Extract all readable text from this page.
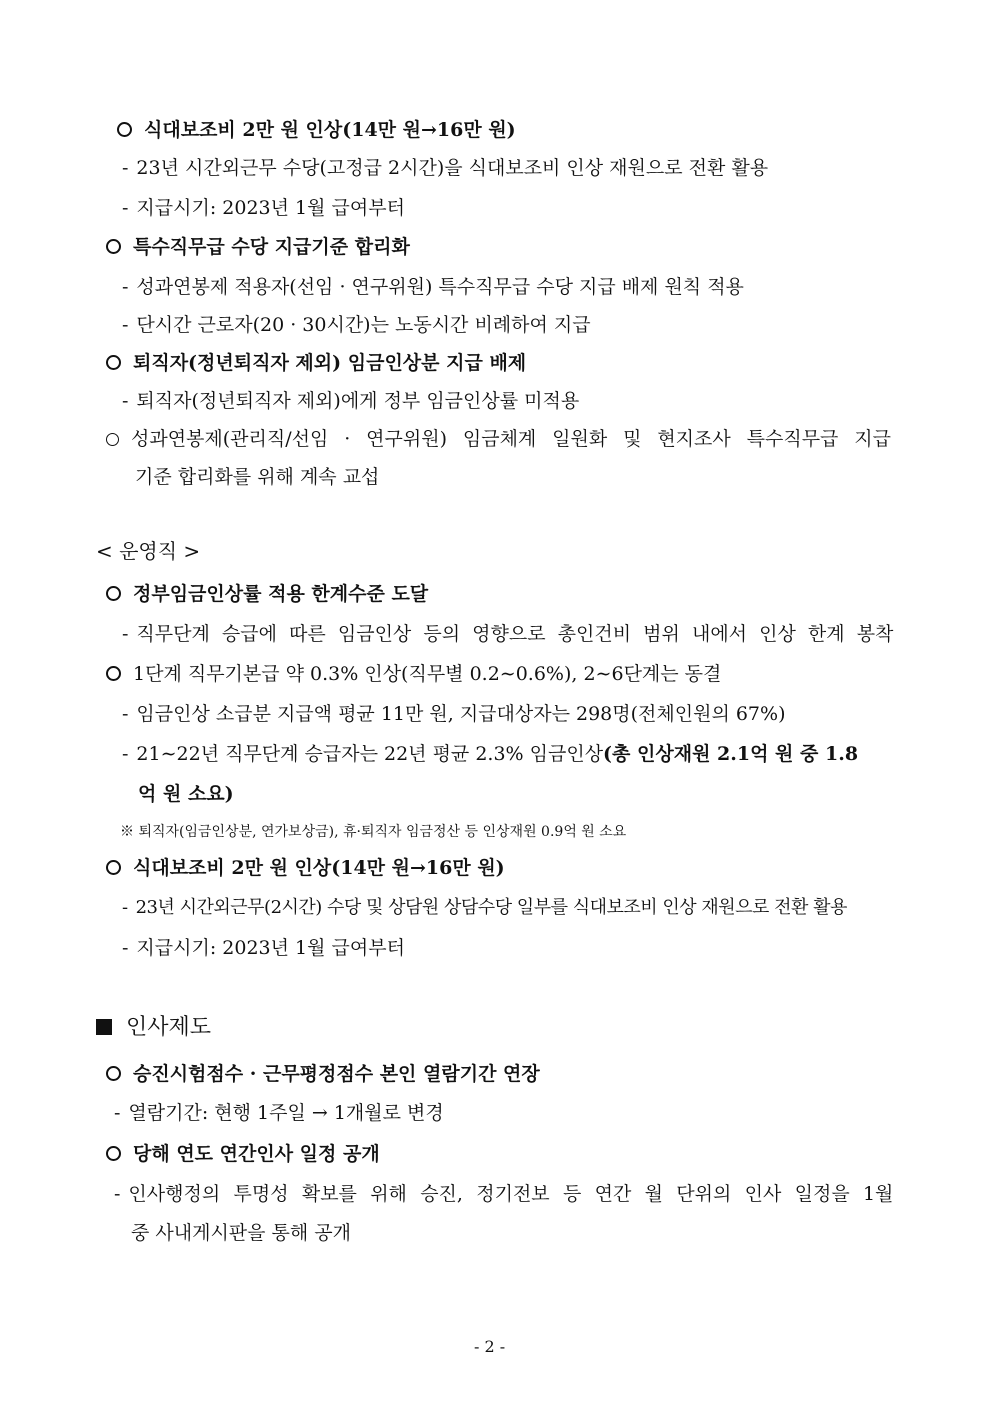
식대보조비 2만 원 인상(14만 원→16만 원)
- 23년 시간외근무 수당(고정급 2시간)을 식대보조비 인상 재원으로 전환 활용
- 지급시기: 2023년 1월 급여부터
특수직무급 수당 지급기준 합리화
- 성과연봉제 적용자(선임 · 연구위원) 특수직무급 수당 지급 배제 원칙 적용
- 단시간 근로자(20 · 30시간)는 노동시간 비례하여 지급
퇴직자(정년퇴직자 제외) 임금인상분 지급 배제
- 퇴직자(정년퇴직자 제외)에게 정부 임금인상률 미적용
성과연봉제(관리직/선임 · 연구위원) 임금체계 일원화 및 현지조사 특수직무급 지급
기준 합리화를 위해 계속 교섭
< 운영직 >
정부임금인상률 적용 한계수준 도달
- 직무단계 승급에 따른 임금인상 등의 영향으로 총인건비 범위 내에서 인상 한계 봉착
1단계 직무기본급 약 0.3% 인상(직무별 0.2∼0.6%), 2∼6단계는 동결
- 임금인상 소급분 지급액 평균 11만 원, 지급대상자는 298명(전체인원의 67%)
- 21∼22년 직무단계 승급자는 22년 평균 2.3% 임금인상(총 인상재원 2.1억 원 중 1.8
억 원 소요)
※ 퇴직자(임금인상분, 연가보상금), 휴·퇴직자 임금정산 등 인상재원 0.9억 원 소요
식대보조비 2만 원 인상(14만 원→16만 원)
- 23년 시간외근무(2시간) 수당 및 상담원 상담수당 일부를 식대보조비 인상 재원으로 전환 활용
- 지급시기: 2023년 1월 급여부터
인사제도
승진시험점수 · 근무평정점수 본인 열람기간 연장
- 열람기간: 현행 1주일 → 1개월로 변경
당해 연도 연간인사 일정 공개
- 인사행정의 투명성 확보를 위해 승진, 정기전보 등 연간 월 단위의 인사 일정을 1월
중 사내게시판을 통해 공개
- 2 -
